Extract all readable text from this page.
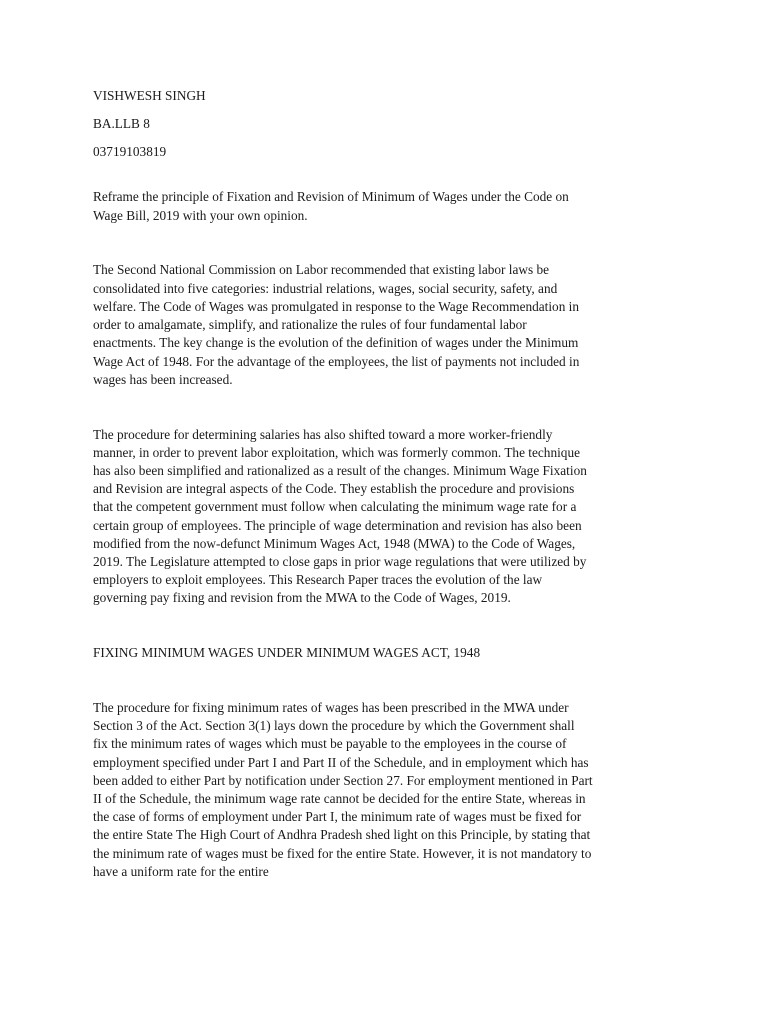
VISHWESH SINGH

BA.LLB 8

03719103819

Reframe the principle of Fixation and Revision of Minimum of Wages under the Code on

Wage Bill, 2019 with your own opinion.

The Second National Commission on Labor recommended that existing labor laws be

consolidated into five categories: industrial relations, wages, social security, safety, and

welfare. The Code of Wages was promulgated in response to the Wage Recommendation in

order to amalgamate, simplify, and rationalize the rules of four fundamental labor

enactments. The key change is the evolution of the definition of wages under the Minimum

Wage Act of 1948. For the advantage of the employees, the list of payments not included in

wages has been increased.

The procedure for determining salaries has also shifted toward a more worker-friendly

manner, in order to prevent labor exploitation, which was formerly common. The technique

has also been simplified and rationalized as a result of the changes. Minimum Wage Fixation

and Revision are integral aspects of the Code. They establish the procedure and provisions

that the competent government must follow when calculating the minimum wage rate for a

certain group of employees. The principle of wage determination and revision has also been

modified from the now-defunct Minimum Wages Act, 1948 (MWA) to the Code of Wages,

2019. The Legislature attempted to close gaps in prior wage regulations that were utilized by

employers to exploit employees. This Research Paper traces the evolution of the law

governing pay fixing and revision from the MWA to the Code of Wages, 2019.

FIXING MINIMUM WAGES UNDER MINIMUM WAGES ACT, 1948

The procedure for fixing minimum rates of wages has been prescribed in the MWA under

Section 3 of the Act. Section 3(1) lays down the procedure by which the Government shall

fix the minimum rates of wages which must be payable to the employees in the course of

employment specified under Part I and Part II of the Schedule, and in employment which has

been added to either Part by notification under Section 27. For employment mentioned in Part

II of the Schedule, the minimum wage rate cannot be decided for the entire State, whereas in

the case of forms of employment under Part I, the minimum rate of wages must be fixed for

the entire State The High Court of Andhra Pradesh shed light on this Principle, by stating that

the minimum rate of wages must be fixed for the entire State. However, it is not mandatory to

have a uniform rate for the entire
